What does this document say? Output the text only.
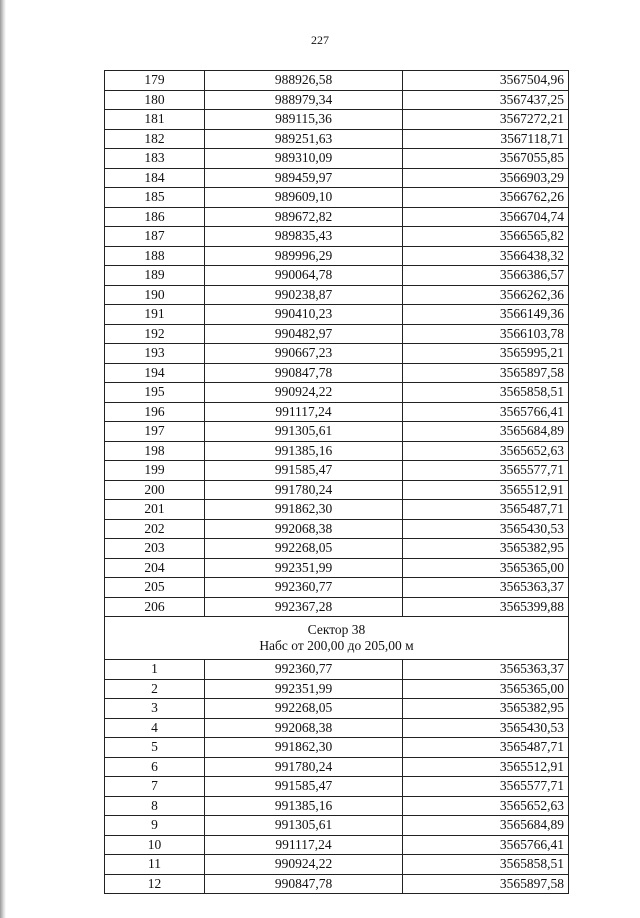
227
179	988926,58	3567504,96
180	988979,34	3567437,25
181	989115,36	3567272,21
182	989251,63	3567118,71
183	989310,09	3567055,85
184	989459,97	3566903,29
185	989609,10	3566762,26
186	989672,82	3566704,74
187	989835,43	3566565,82
188	989996,29	3566438,32
189	990064,78	3566386,57
190	990238,87	3566262,36
191	990410,23	3566149,36
192	990482,97	3566103,78
193	990667,23	3565995,21
194	990847,78	3565897,58
195	990924,22	3565858,51
196	991117,24	3565766,41
197	991305,61	3565684,89
198	991385,16	3565652,63
199	991585,47	3565577,71
200	991780,24	3565512,91
201	991862,30	3565487,71
202	992068,38	3565430,53
203	992268,05	3565382,95
204	992351,99	3565365,00
205	992360,77	3565363,37
206	992367,28	3565399,88

Сектор 38
Набс от 200,00 до 205,00 м		

1	992360,77	3565363,37
2	992351,99	3565365,00
3	992268,05	3565382,95
4	992068,38	3565430,53
5	991862,30	3565487,71
6	991780,24	3565512,91
7	991585,47	3565577,71
8	991385,16	3565652,63
9	991305,61	3565684,89
10	991117,24	3565766,41
11	990924,22	3565858,51
12	990847,78	3565897,58
